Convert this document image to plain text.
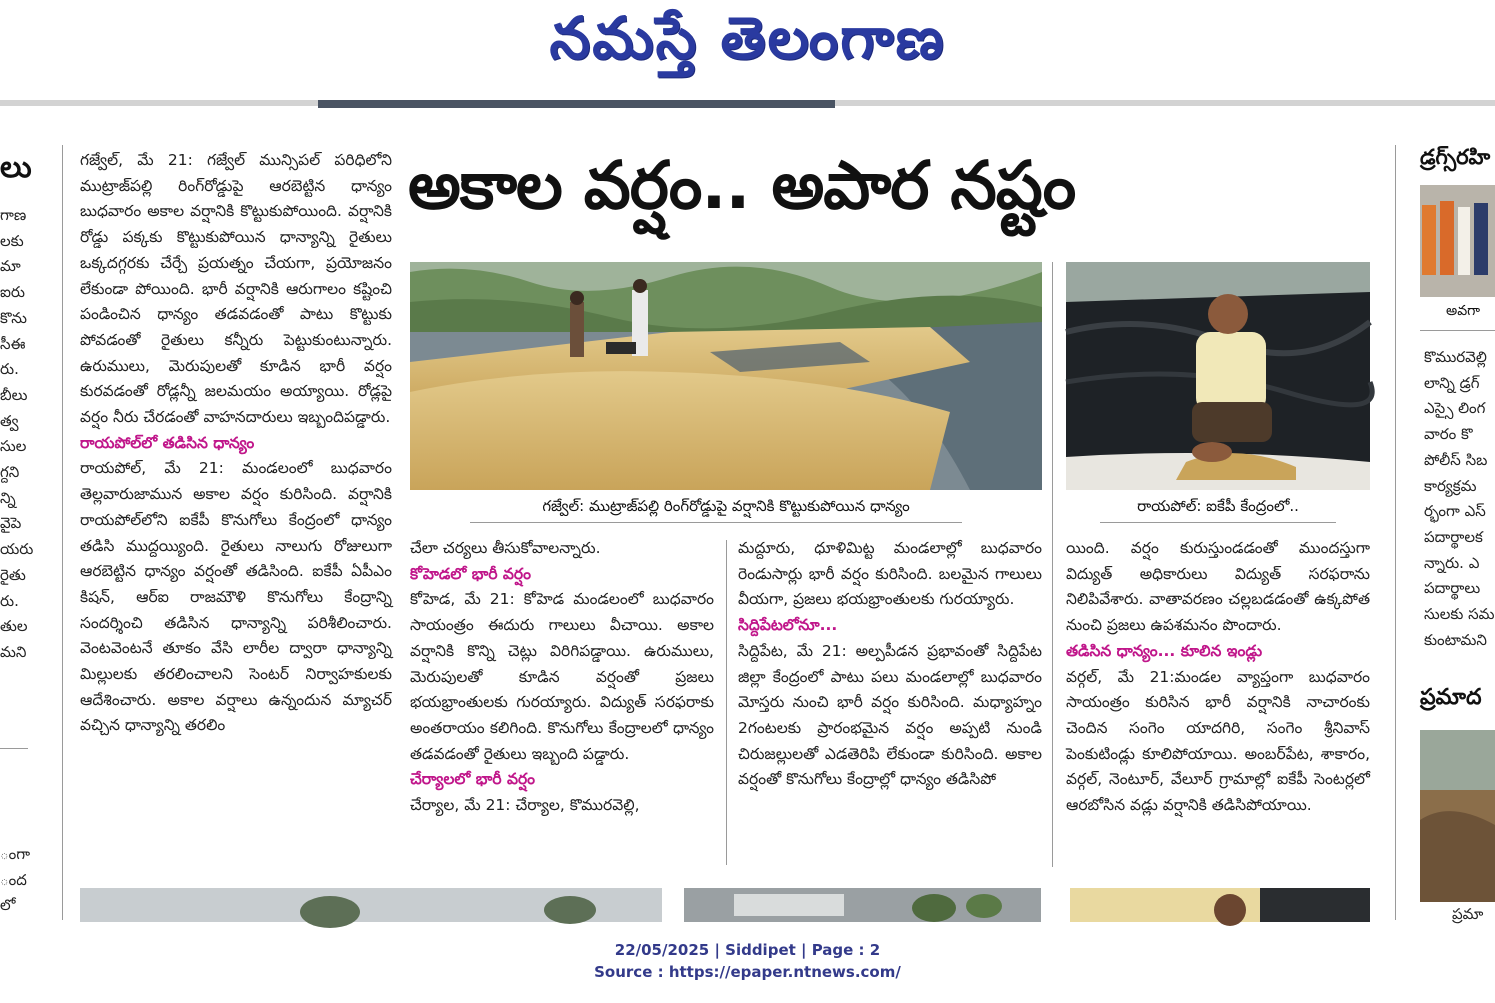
నమస్తే తెలంగాణ
లు
గాణ
లకు
మా
ఐరు
కొను
సీఈ
రు.
బీలు
త్వ
సుల
గ్దని
న్ని
వైపె
యరు
రైతు
రు.
తుల
మని
ంగా
ంద
లో
అకాల వర్షం.. అపార నష్టం

గజ్వేల్‌, మే 21: గజ్వేల్‌ మున్సిపల్‌ పరిధిలోని ముట్రాజ్‌పల్లి రింగ్‌రోడ్డుపై ఆరబెట్టిన ధాన్యం బుధవారం అకాల వర్షానికి కొట్టుకుపోయింది. వర్షానికి రోడ్డు పక్కకు కొట్టుకుపోయిన ధాన్యాన్ని రైతులు ఒక్కదగ్గరకు చేర్చే ప్రయత్నం చేయగా, ప్రయోజనం లేకుండా పోయింది. భారీ వర్షానికి ఆరుగాలం కష్టించి పండించిన ధాన్యం తడవడంతో పాటు కొట్టుకు పోవడంతో రైతులు కన్నీరు పెట్టుకుంటున్నారు. ఉరుములు, మెరుపులతో కూడిన భారీ వర్షం కురవడంతో రోడ్లన్నీ జలమయం అయ్యాయి. రోడ్లపై వర్షం నీరు చేరడంతో వాహనదారులు ఇబ్బందిపడ్డారు.

రాయపోల్‌లో తడిసిన ధాన్యం

రాయపోల్‌, మే 21: మండలంలో బుధవారం తెల్లవారుజామున అకాల వర్షం కురిసింది. వర్షానికి రాయపోల్‌లోని ఐకేపీ కొనుగోలు కేంద్రంలో ధాన్యం తడిసి ముద్దయ్యింది. రైతులు నాలుగు రోజులుగా ఆరబెట్టిన ధాన్యం వర్షంతో తడిసింది. ఐకేపీ ఏపీఎం కిషన్‌, ఆర్‌ఐ రాజమౌళి కొనుగోలు కేంద్రాన్ని సందర్శించి తడిసిన ధాన్యాన్ని పరిశీలించారు. వెంటవెంటనే తూకం వేసి లారీల ద్వారా ధాన్యాన్ని మిల్లులకు తరలించాలని సెంటర్‌ నిర్వాహకులకు ఆదేశించారు. అకాల వర్షాలు ఉన్నందున మ్యాచర్‌ వచ్చిన ధాన్యాన్ని తరలిం

గజ్వేల్‌: ముట్రాజ్‌పల్లి రింగ్‌రోడ్డుపై వర్షానికి కొట్టుకుపోయిన ధాన్యం	రాయపోల్‌: ఐకేపీ కేంద్రంలో..

చేలా చర్యలు తీసుకోవాలన్నారు.

కోహెడలో భారీ వర్షం

కోహెడ, మే 21: కోహెడ మండలంలో బుధవారం సాయంత్రం ఈదురు గాలులు వీచాయి. అకాల వర్షానికి కొన్ని చెట్లు విరిగిపడ్డాయి. ఉరుములు, మెరుపులతో కూడిన వర్షంతో ప్రజలు భయభ్రాంతులకు గురయ్యారు. విద్యుత్‌ సరఫరాకు అంతరాయం కలిగింది. కొనుగోలు కేంద్రాలలో ధాన్యం తడవడంతో రైతులు ఇబ్బంది పడ్డారు.

చేర్యాలలో భారీ వర్షం

చేర్యాల, మే 21: చేర్యాల, కొమురవెల్లి,

మద్దూరు, ధూళిమిట్ట మండలాల్లో బుధవారం రెండుసార్లు భారీ వర్షం కురిసింది. బలమైన గాలులు వీయగా, ప్రజలు భయభ్రాంతులకు గురయ్యారు.

సిద్దిపేటలోనూ...

సిద్దిపేట, మే 21: అల్పపీడన ప్రభావంతో సిద్దిపేట జిల్లా కేంద్రంలో పాటు పలు మండలాల్లో బుధవారం మోస్తరు నుంచి భారీ వర్షం కురిసింది. మధ్యాహ్నం 2గంటలకు ప్రారంభమైన వర్షం అప్పటి నుండి చిరుజల్లులతో ఎడతెరిపి లేకుండా కురిసింది. అకాల వర్షంతో కొనుగోలు కేంద్రాల్లో ధాన్యం తడిసిపో

యింది. వర్షం కురుస్తుండడంతో ముందస్తుగా విద్యుత్‌ అధికారులు విద్యుత్‌ సరఫరాను నిలిపివేశారు. వాతావరణం చల్లబడడంతో ఉక్కపోత నుంచి ప్రజలు ఉపశమనం పొందారు.

తడిసిన ధాన్యం... కూలిన ఇండ్లు

వర్గల్‌, మే 21:మండల వ్యాప్తంగా బుధవారం సాయంత్రం కురిసిన భారీ వర్షానికి నాచారంకు చెందిన సంగెం యాదగిరి, సంగెం శ్రీనివాస్‌ పెంకుటిండ్లు కూలిపోయాయి. అంబర్‌పేట, శాకారం, వర్గల్‌, నెంటూర్‌, వేలూర్‌ గ్రామాల్లో ఐకేపీ సెంటర్లలో ఆరబోసిన వడ్లు వర్షానికి తడిసిపోయాయి.

డ్రగ్స్‌రహి
అవగా
కొమురవెల్లి
లాన్ని డ్రగ్
ఎస్సై లింగ
వారం కొ
పోలీస్ సిబ
కార్యక్రమ
ర్భంగా ఎస్
పదార్థాలక
న్నారు. ఎ
పదార్థాలు
సులకు సమ
కుంటామని
ప్రమాద
ప్రమా
22/05/2025 | Siddipet | Page : 2
Source : https://epaper.ntnews.com/
